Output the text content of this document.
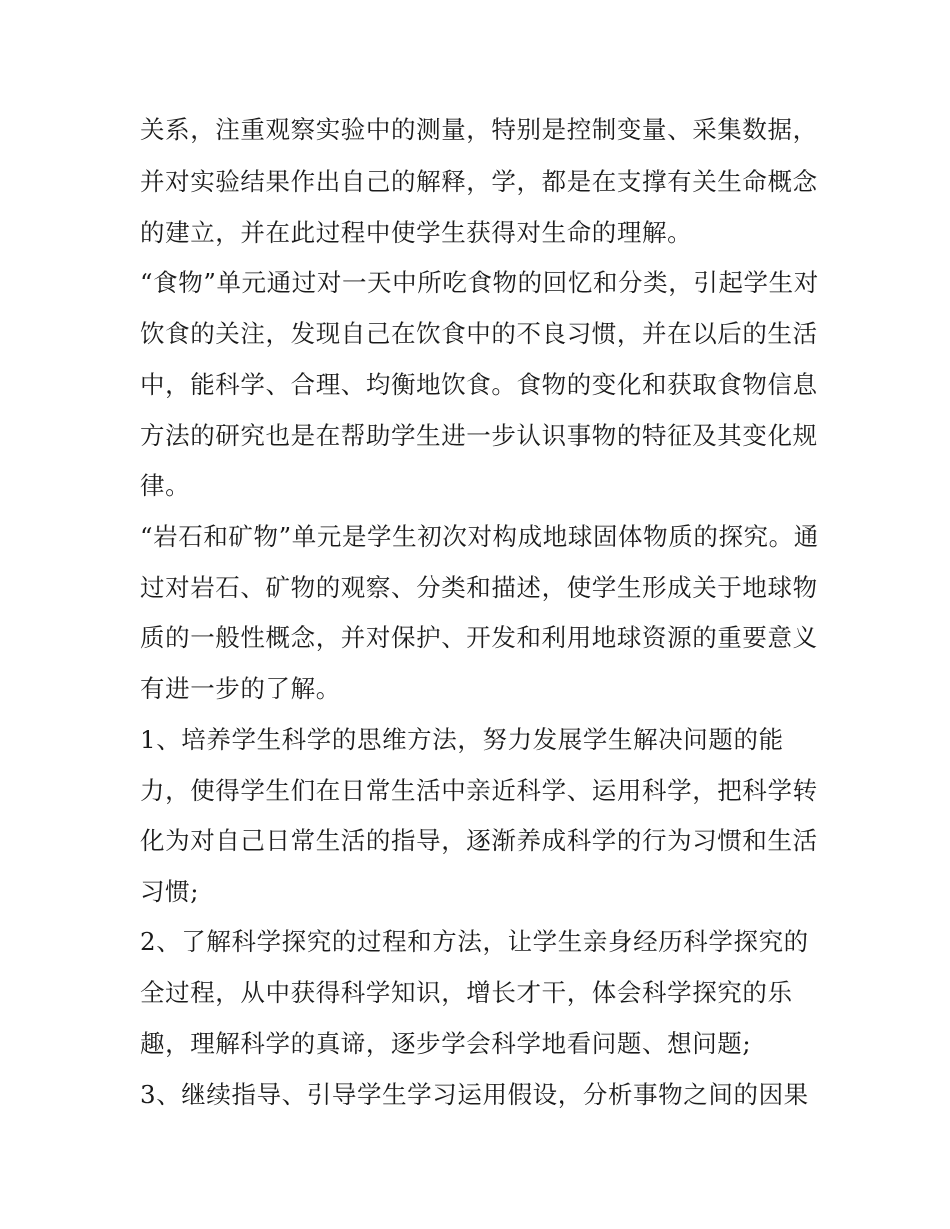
关系，注重观察实验中的测量，特别是控制变量、采集数据，
并对实验结果作出自己的解释，学，都是在支撑有关生命概念
的建立，并在此过程中使学生获得对生命的理解。
“食物”单元通过对一天中所吃食物的回忆和分类，引起学生对
饮食的关注，发现自己在饮食中的不良习惯，并在以后的生活
中，能科学、合理、均衡地饮食。食物的变化和获取食物信息
方法的研究也是在帮助学生进一步认识事物的特征及其变化规
律。
“岩石和矿物”单元是学生初次对构成地球固体物质的探究。通
过对岩石、矿物的观察、分类和描述，使学生形成关于地球物
质的一般性概念，并对保护、开发和利用地球资源的重要意义
有进一步的了解。
1、培养学生科学的思维方法，努力发展学生解决问题的能
力，使得学生们在日常生活中亲近科学、运用科学，把科学转
化为对自己日常生活的指导，逐渐养成科学的行为习惯和生活
习惯;
2、了解科学探究的过程和方法，让学生亲身经历科学探究的
全过程，从中获得科学知识，增长才干，体会科学探究的乐
趣，理解科学的真谛，逐步学会科学地看问题、想问题;
3、继续指导、引导学生学习运用假设，分析事物之间的因果
